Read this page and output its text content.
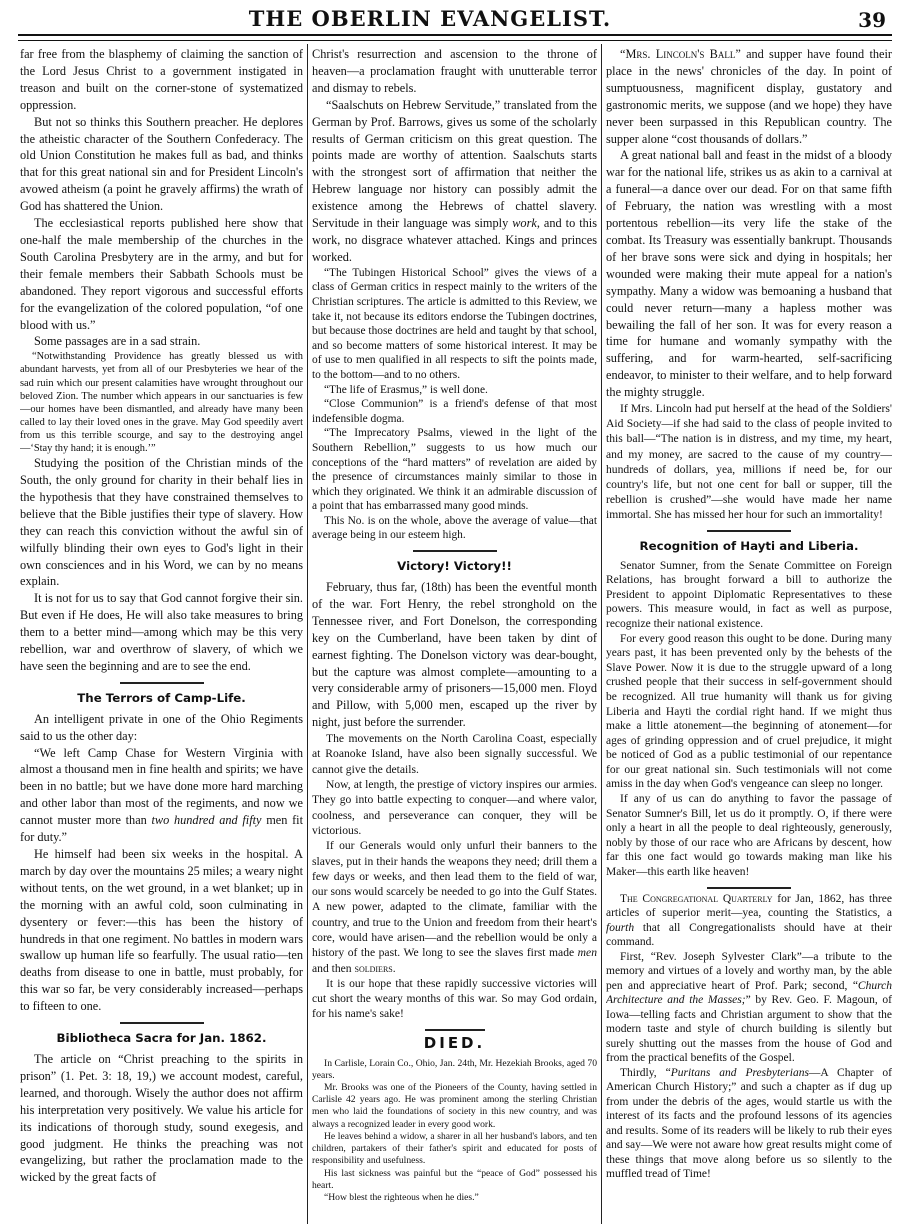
THE OBERLIN EVANGELIST.	39

far free from the blasphemy of claiming the sanction of the Lord Jesus Christ to a government instigated in treason and built on the corner-stone of systematized oppression.

But not so thinks this Southern preacher. He deplores the atheistic character of the Southern Confederacy. The old Union Constitution he makes full as bad, and thinks that for this great national sin and for President Lincoln's avowed atheism (a point he gravely affirms) the wrath of God has shattered the Union.

The ecclesiastical reports published here show that one-half the male membership of the churches in the South Carolina Presbytery are in the army, and but for their female members their Sabbath Schools must be abandoned. They report vigorous and successful efforts for the evangelization of the colored population, “of one blood with us.”

Some passages are in a sad strain.

“Notwithstanding Providence has greatly blessed us with abundant harvests, yet from all of our Presbyteries we hear of the sad ruin which our present calamities have wrought throughout our beloved Zion. The number which appears in our sanctuaries is few—our homes have been dismantled, and already have many been called to lay their loved ones in the grave. May God speedily avert from us this terrible scourge, and say to the destroying angel—‘Stay thy hand; it is enough.’”

Studying the position of the Christian minds of the South, the only ground for charity in their behalf lies in the hypothesis that they have constrained themselves to believe that the Bible justifies their type of slavery. How they can reach this conviction without the awful sin of wilfully blinding their own eyes to God's light in their own consciences and in his Word, we can by no means explain.

It is not for us to say that God cannot forgive their sin. But even if He does, He will also take measures to bring them to a better mind—among which may be this very rebellion, war and overthrow of slavery, of which we have seen the beginning and are to see the end.

The Terrors of Camp-Life.

An intelligent private in one of the Ohio Regiments said to us the other day:

“We left Camp Chase for Western Virginia with almost a thousand men in fine health and spirits; we have been in no battle; but we have done more hard marching and other labor than most of the regiments, and now we cannot muster more than two hundred and fifty men fit for duty.”

He himself had been six weeks in the hospital. A march by day over the mountains 25 miles; a weary night without tents, on the wet ground, in a wet blanket; up in the morning with an awful cold, soon culminating in dysentery or fever:—this has been the history of hundreds in that one regiment. No battles in modern wars swallow up human life so fearfully. The usual ratio—ten deaths from disease to one in battle, must probably, for this war so far, be very considerably increased—perhaps to fifteen to one.

Bibliotheca Sacra for Jan. 1862.

The article on “Christ preaching to the spirits in prison” (1. Pet. 3: 18, 19,) we account modest, careful, learned, and thorough. Wisely the author does not affirm his interpretation very positively. We value his article for its indications of thorough study, sound exegesis, and good judgment. He thinks the preaching was not evangelizing, but rather the proclamation made to the wicked by the great facts of

Christ's resurrection and ascension to the throne of heaven—a proclamation fraught with unutterable terror and dismay to rebels.

“Saalschuts on Hebrew Servitude,” translated from the German by Prof. Barrows, gives us some of the scholarly results of German criticism on this great question. The points made are worthy of attention. Saalschuts starts with the strongest sort of affirmation that neither the Hebrew language nor history can possibly admit the existence among the Hebrews of chattel slavery. Servitude in their language was simply work, and to this work, no disgrace whatever attached. Kings and princes worked.

“The Tubingen Historical School” gives the views of a class of German critics in respect mainly to the writers of the Christian scriptures. The article is admitted to this Review, we take it, not because its editors endorse the Tubingen doctrines, but because those doctrines are held and taught by that school, and so become matters of some historical interest. It may be of use to men qualified in all respects to sift the points made, to the bottom—and to no others.

“The life of Erasmus,” is well done.

“Close Communion” is a friend's defense of that most indefensible dogma.

“The Imprecatory Psalms, viewed in the light of the Southern Rebellion,” suggests to us how much our conceptions of the “hard matters” of revelation are aided by the presence of circumstances mainly similar to those in which they originated. We think it an admirable discussion of a point that has embarrassed many good minds.

This No. is on the whole, above the average of value—that average being in our esteem high.

Victory! Victory!!

February, thus far, (18th) has been the eventful month of the war. Fort Henry, the rebel stronghold on the Tennessee river, and Fort Donelson, the corresponding key on the Cumberland, have been taken by dint of earnest fighting. The Donelson victory was dear-bought, but the capture was almost complete—amounting to a very considerable army of prisoners—15,000 men. Floyd and Pillow, with 5,000 men, escaped up the river by night, just before the surrender.

The movements on the North Carolina Coast, especially at Roanoke Island, have also been signally successful. We cannot give the details.

Now, at length, the prestige of victory inspires our armies. They go into battle expecting to conquer—and where valor, coolness, and perseverance can conquer, they will be victorious.

If our Generals would only unfurl their banners to the slaves, put in their hands the weapons they need; drill them a few days or weeks, and then lead them to the field of war, our sons would scarcely be needed to go into the Gulf States. A new power, adapted to the climate, familiar with the country, and true to the Union and freedom from their heart's core, would have arisen—and the rebellion would be only a history of the past. We long to see the slaves first made men and then soldiers.

It is our hope that these rapidly successive victories will cut short the weary months of this war. So may God ordain, for his name's sake!

DIED.

In Carlisle, Lorain Co., Ohio, Jan. 24th, Mr. Hezekiah Brooks, aged 70 years.

Mr. Brooks was one of the Pioneers of the County, having settled in Carlisle 42 years ago. He was prominent among the sterling Christian men who laid the foundations of society in this new country, and was always a recognized leader in every good work.

He leaves behind a widow, a sharer in all her husband's labors, and ten children, partakers of their father's spirit and educated for posts of responsibility and usefulness.

His last sickness was painful but the “peace of God” possessed his heart.

“How blest the righteous when he dies.”

“Mrs. Lincoln's Ball” and supper have found their place in the news' chronicles of the day. In point of sumptuousness, magnificent display, gustatory and gastronomic merits, we suppose (and we hope) they have never been surpassed in this Republican country. The supper alone “cost thousands of dollars.”

A great national ball and feast in the midst of a bloody war for the national life, strikes us as akin to a carnival at a funeral—a dance over our dead. For on that same fifth of February, the nation was wrestling with a most portentous rebellion—its very life the stake of the combat. Its Treasury was essentially bankrupt. Thousands of her brave sons were sick and dying in hospitals; her wounded were making their mute appeal for a nation's sympathy. Many a widow was bemoaning a husband that could never return—many a hapless mother was bewailing the fall of her son. It was for every reason a time for humane and womanly sympathy with the suffering, and for warm-hearted, self-sacrificing endeavor, to minister to their welfare, and to help forward the mighty struggle.

If Mrs. Lincoln had put herself at the head of the Soldiers' Aid Society—if she had said to the class of people invited to this ball—“The nation is in distress, and my time, my heart, and my money, are sacred to the cause of my country—hundreds of dollars, yea, millions if need be, for our country's life, but not one cent for ball or supper, till the rebellion is crushed”—she would have made her name immortal. She has missed her hour for such an immortality!

Recognition of Hayti and Liberia.

Senator Sumner, from the Senate Committee on Foreign Relations, has brought forward a bill to authorize the President to appoint Diplomatic Representatives to these powers. This measure would, in fact as well as purpose, recognize their national existence.

For every good reason this ought to be done. During many years past, it has been prevented only by the behests of the Slave Power. Now it is due to the struggle upward of a long crushed people that their success in self-government should be recognized. All true humanity will thank us for giving Liberia and Hayti the cordial right hand. If we might thus make a little atonement—the beginning of atonement—for ages of grinding oppression and of cruel prejudice, it might be noticed of God as a public testimonial of our repentance for our great national sin. Such testimonials will not come amiss in the day when God's vengeance can sleep no longer.

If any of us can do anything to favor the passage of Senator Sumner's Bill, let us do it promptly. O, if there were only a heart in all the people to deal righteously, generously, nobly by those of our race who are Africans by descent, how far this one fact would go towards making man like his Maker—this earth like heaven!

The Congregational Quarterly for Jan, 1862, has three articles of superior merit—yea, counting the Statistics, a fourth that all Congregationalists should have at their command.

First, “Rev. Joseph Sylvester Clark”—a tribute to the memory and virtues of a lovely and worthy man, by the able pen and appreciative heart of Prof. Park; second, “Church Architecture and the Masses;” by Rev. Geo. F. Magoun, of Iowa—telling facts and Christian argument to show that the modern taste and style of church building is silently but surely shutting out the masses from the house of God and from the practical benefits of the Gospel.

Thirdly, “Puritans and Presbyterians—A Chapter of American Church History;” and such a chapter as if dug up from under the debris of the ages, would startle us with the interest of its facts and the profound lessons of its agencies and results. Some of its readers will be likely to rub their eyes and say—We were not aware how great results might come of these things that move along before us so silently to the muffled tread of Time!
